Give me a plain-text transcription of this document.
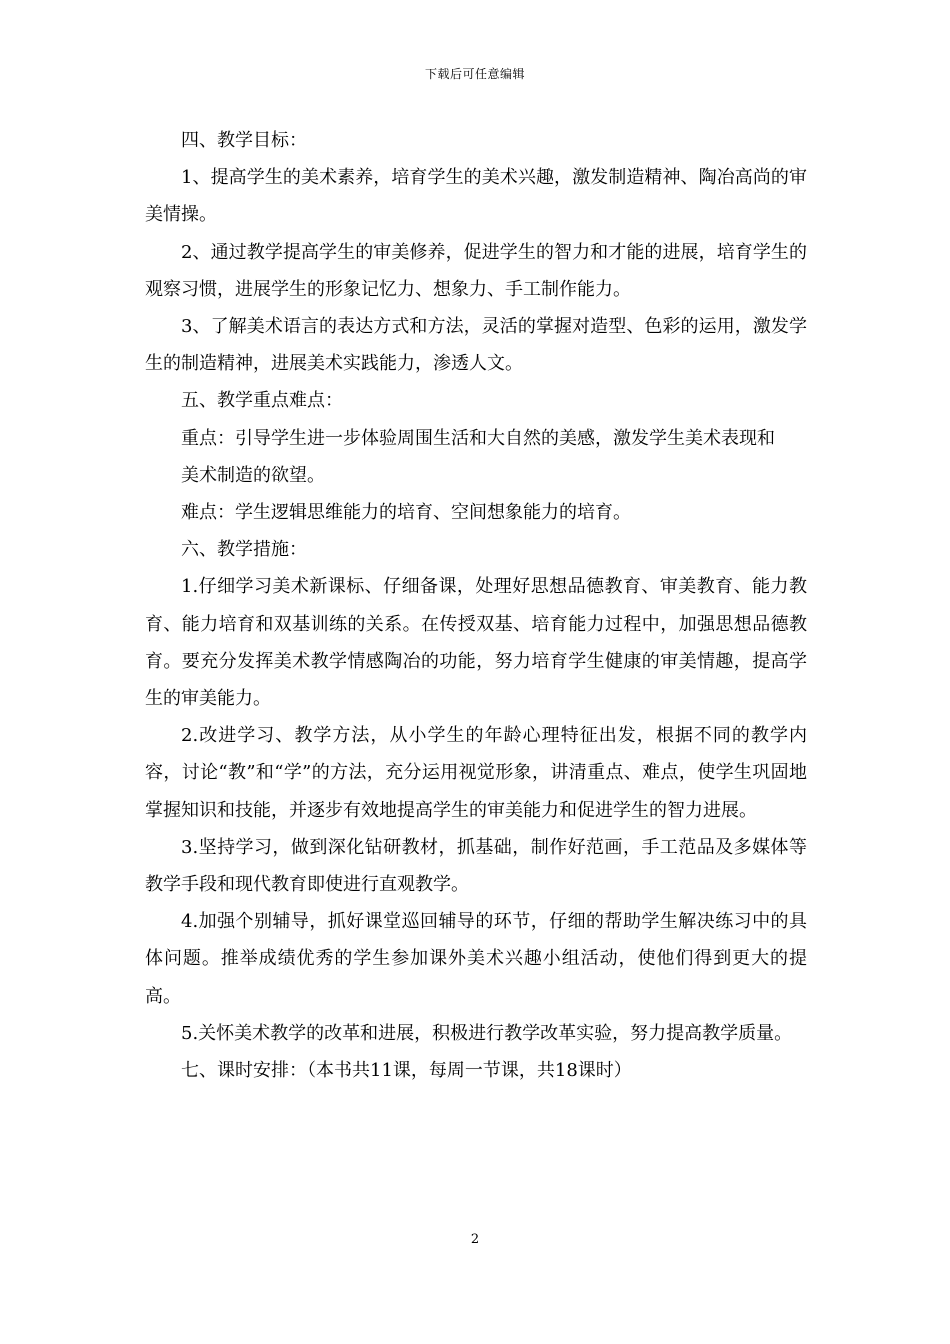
下载后可任意编辑

四、教学目标：

1、提高学生的美术素养，培育学生的美术兴趣，激发制造精神、陶冶高尚的审美情操。

2、通过教学提高学生的审美修养，促进学生的智力和才能的进展，培育学生的观察习惯，进展学生的形象记忆力、想象力、手工制作能力。

3、了解美术语言的表达方式和方法，灵活的掌握对造型、色彩的运用，激发学生的制造精神，进展美术实践能力，渗透人文。

五、教学重点难点：

重点：引导学生进一步体验周围生活和大自然的美感，激发学生美术表现和

美术制造的欲望。

难点：学生逻辑思维能力的培育、空间想象能力的培育。

六、教学措施：

1.仔细学习美术新课标、仔细备课，处理好思想品德教育、审美教育、能力教育、能力培育和双基训练的关系。在传授双基、培育能力过程中，加强思想品德教育。要充分发挥美术教学情感陶冶的功能，努力培育学生健康的审美情趣，提高学生的审美能力。

2.改进学习、教学方法，从小学生的年龄心理特征出发，根据不同的教学内容，讨论“教”和“学”的方法，充分运用视觉形象，讲清重点、难点，使学生巩固地掌握知识和技能，并逐步有效地提高学生的审美能力和促进学生的智力进展。

3.坚持学习，做到深化钻研教材，抓基础，制作好范画，手工范品及多媒体等教学手段和现代教育即使进行直观教学。

4.加强个别辅导，抓好课堂巡回辅导的环节，仔细的帮助学生解决练习中的具体问题。推举成绩优秀的学生参加课外美术兴趣小组活动，使他们得到更大的提高。

5.关怀美术教学的改革和进展，积极进行教学改革实验，努力提高教学质量。

七、课时安排：（本书共11课，每周一节课，共18课时）

2
